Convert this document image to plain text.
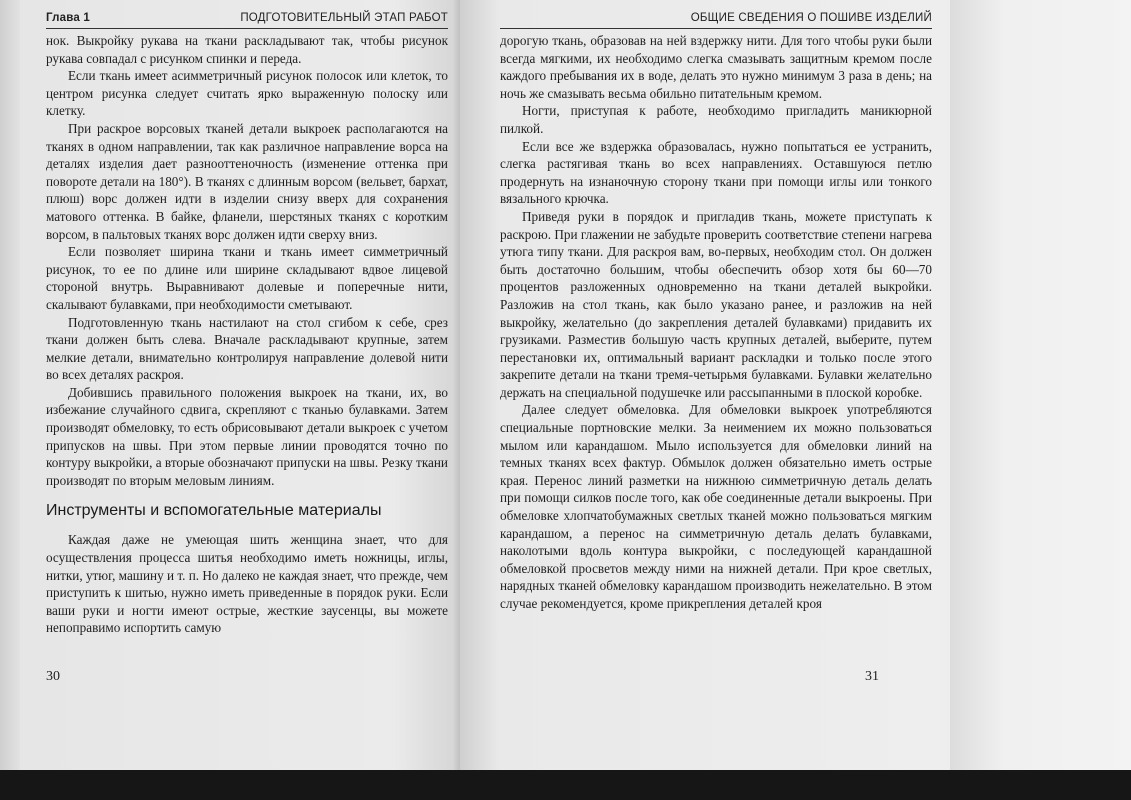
Глава 1	ПОДГОТОВИТЕЛЬНЫЙ ЭТАП РАБОТ

нок. Выкройку рукава на ткани раскладывают так, чтобы рисунок рукава совпадал с рисунком спинки и переда.

Если ткань имеет асимметричный рисунок полосок или клеток, то центром рисунка следует считать ярко выраженную полоску или клетку.

При раскрое ворсовых тканей детали выкроек располагаются на тканях в одном направлении, так как различное направление ворса на деталях изделия дает разнооттеночность (изменение оттенка при повороте детали на 180°). В тканях с длинным ворсом (вельвет, бархат, плюш) ворс должен идти в изделии снизу вверх для сохранения матового оттенка. В байке, фланели, шерстяных тканях с коротким ворсом, в пальтовых тканях ворс должен идти сверху вниз.

Если позволяет ширина ткани и ткань имеет симметричный рисунок, то ее по длине или ширине складывают вдвое лицевой стороной внутрь. Выравнивают долевые и поперечные нити, скалывают булавками, при необходимости сметывают.

Подготовленную ткань настилают на стол сгибом к себе, срез ткани должен быть слева. Вначале раскладывают крупные, затем мелкие детали, внимательно контролируя направление долевой нити во всех деталях раскроя.

Добившись правильного положения выкроек на ткани, их, во избежание случайного сдвига, скрепляют с тканью булавками. Затем производят обмеловку, то есть обрисовывают детали выкроек с учетом припусков на швы. При этом первые линии проводятся точно по контуру выкройки, а вторые обозначают припуски на швы. Резку ткани производят по вторым меловым линиям.

Инструменты и вспомогательные материалы

Каждая даже не умеющая шить женщина знает, что для осуществления процесса шитья необходимо иметь ножницы, иглы, нитки, утюг, машину и т. п. Но далеко не каждая знает, что прежде, чем приступить к шитью, нужно иметь приведенные в порядок руки. Если ваши руки и ногти имеют острые, жесткие заусенцы, вы можете непоправимо испортить самую

30
ОБЩИЕ СВЕДЕНИЯ О ПОШИВЕ ИЗДЕЛИЙ

дорогую ткань, образовав на ней вздержку нити. Для того чтобы руки были всегда мягкими, их необходимо слегка смазывать защитным кремом после каждого пребывания их в воде, делать это нужно минимум 3 раза в день; на ночь же смазывать весьма обильно питательным кремом.

Ногти, приступая к работе, необходимо пригладить маникюрной пилкой.

Если все же вздержка образовалась, нужно попытаться ее устранить, слегка растягивая ткань во всех направлениях. Оставшуюся петлю продернуть на изнаночную сторону ткани при помощи иглы или тонкого вязального крючка.

Приведя руки в порядок и пригладив ткань, можете приступать к раскрою. При глажении не забудьте проверить соответствие степени нагрева утюга типу ткани. Для раскроя вам, во-первых, необходим стол. Он должен быть достаточно большим, чтобы обеспечить обзор хотя бы 60—70 процентов разложенных одновременно на ткани деталей выкройки. Разложив на стол ткань, как было указано ранее, и разложив на ней выкройку, желательно (до закрепления деталей булавками) придавить их грузиками. Разместив большую часть крупных деталей, выберите, путем перестановки их, оптимальный вариант раскладки и только после этого закрепите детали на ткани тремя-четырьмя булавками. Булавки желательно держать на специальной подушечке или рассыпанными в плоской коробке.

Далее следует обмеловка. Для обмеловки выкроек употребляются специальные портновские мелки. За неимением их можно пользоваться мылом или карандашом. Мыло используется для обмеловки линий на темных тканях всех фактур. Обмылок должен обязательно иметь острые края. Перенос линий разметки на нижнюю симметричную деталь делать при помощи силков после того, как обе соединенные детали выкроены. При обмеловке хлопчатобумажных светлых тканей можно пользоваться мягким карандашом, а перенос на симметричную деталь делать булавками, наколотыми вдоль контура выкройки, с последующей карандашной обмеловкой просветов между ними на нижней детали. При крое светлых, нарядных тканей обмеловку карандашом производить нежелательно. В этом случае рекомендуется, кроме прикрепления деталей кроя

31
